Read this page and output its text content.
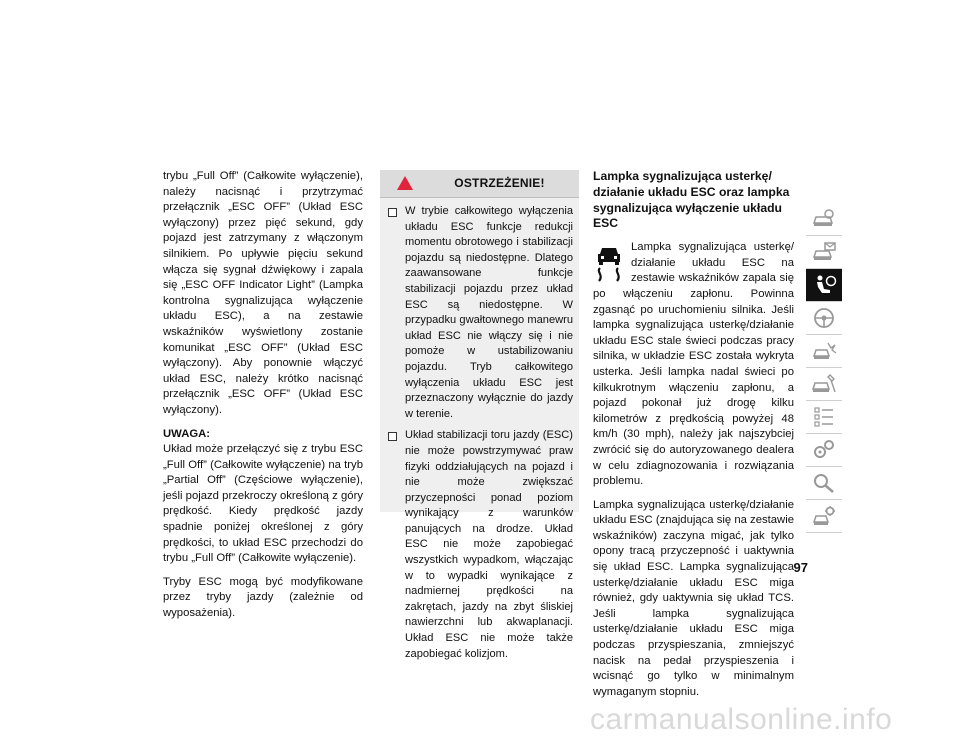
trybu „Full Off” (Całkowite wyłączenie), należy nacisnąć i przytrzymać przełącznik „ESC OFF” (Układ ESC wyłączony) przez pięć sekund, gdy pojazd jest zatrzymany z włączonym silnikiem. Po upływie pięciu sekund włącza się sygnał dźwiękowy i zapala się „ESC OFF Indicator Light” (Lampka kontrolna sygnalizująca wyłączenie układu ESC), a na zestawie wskaźników wyświetlony zostanie komunikat „ESC OFF” (Układ ESC wyłączony). Aby ponownie włączyć układ ESC, należy krótko nacisnąć przełącznik „ESC OFF” (Układ ESC wyłączony).

UWAGA:

Układ może przełączyć się z trybu ESC „Full Off” (Całkowite wyłączenie) na tryb „Partial Off” (Częściowe wyłączenie), jeśli pojazd przekroczy określoną z góry prędkość. Kiedy prędkość jazdy spadnie poniżej określonej z góry prędkości, to układ ESC przechodzi do trybu „Full Off” (Całkowite wyłączenie).

Tryby ESC mogą być modyfikowane przez tryby jazdy (zależnie od wyposażenia).

OSTRZEŻENIE!
W trybie całkowitego wyłączenia układu ESC funkcje redukcji momentu obrotowego i stabilizacji pojazdu są niedostępne. Dlatego zaawansowane funkcje stabilizacji pojazdu przez układ ESC są niedostępne. W przypadku gwałtownego manewru układ ESC nie włączy się i nie pomoże w ustabilizowaniu pojazdu. Tryb całkowitego wyłączenia układu ESC jest przeznaczony wyłącznie do jazdy w terenie.
Układ stabilizacji toru jazdy (ESC) nie może powstrzymywać praw fizyki oddziałujących na pojazd i nie może zwiększać przyczepności ponad poziom wynikający z warunków panujących na drodze. Układ ESC nie może zapobiegać wszystkich wypadkom, włączając w to wypadki wynikające z nadmiernej prędkości na zakrętach, jazdy na zbyt śliskiej nawierzchni lub akwaplanacji. Układ ESC nie może także zapobiegać kolizjom.
Lampka sygnalizująca usterkę/ działanie układu ESC oraz lampka sygnalizująca wyłączenie układu ESC

Lampka sygnalizująca usterkę/ działanie układu ESC na zestawie wskaźników zapala się po włączeniu zapłonu. Powinna zgasnąć po uruchomieniu silnika. Jeśli lampka sygnalizująca usterkę/działanie układu ESC stale świeci podczas pracy silnika, w układzie ESC została wykryta usterka. Jeśli lampka nadal świeci po kilkukrotnym włączeniu zapłonu, a pojazd pokonał już drogę kilku kilometrów z prędkością powyżej 48 km/h (30 mph), należy jak najszybciej zwrócić się do autoryzowanego dealera w celu zdiagnozowania i rozwiązania problemu.

Lampka sygnalizująca usterkę/działanie układu ESC (znajdująca się na zestawie wskaźników) zaczyna migać, jak tylko opony tracą przyczepność i uaktywnia się układ ESC. Lampka sygnalizująca usterkę/działanie układu ESC miga również, gdy uaktywnia się układ TCS. Jeśli lampka sygnalizująca usterkę/działanie układu ESC miga podczas przyspieszania, zmniejszyć nacisk na pedał przyspieszenia i wcisnąć go tylko w minimalnym wymaganym stopniu.

97
carmanualsonline.info
